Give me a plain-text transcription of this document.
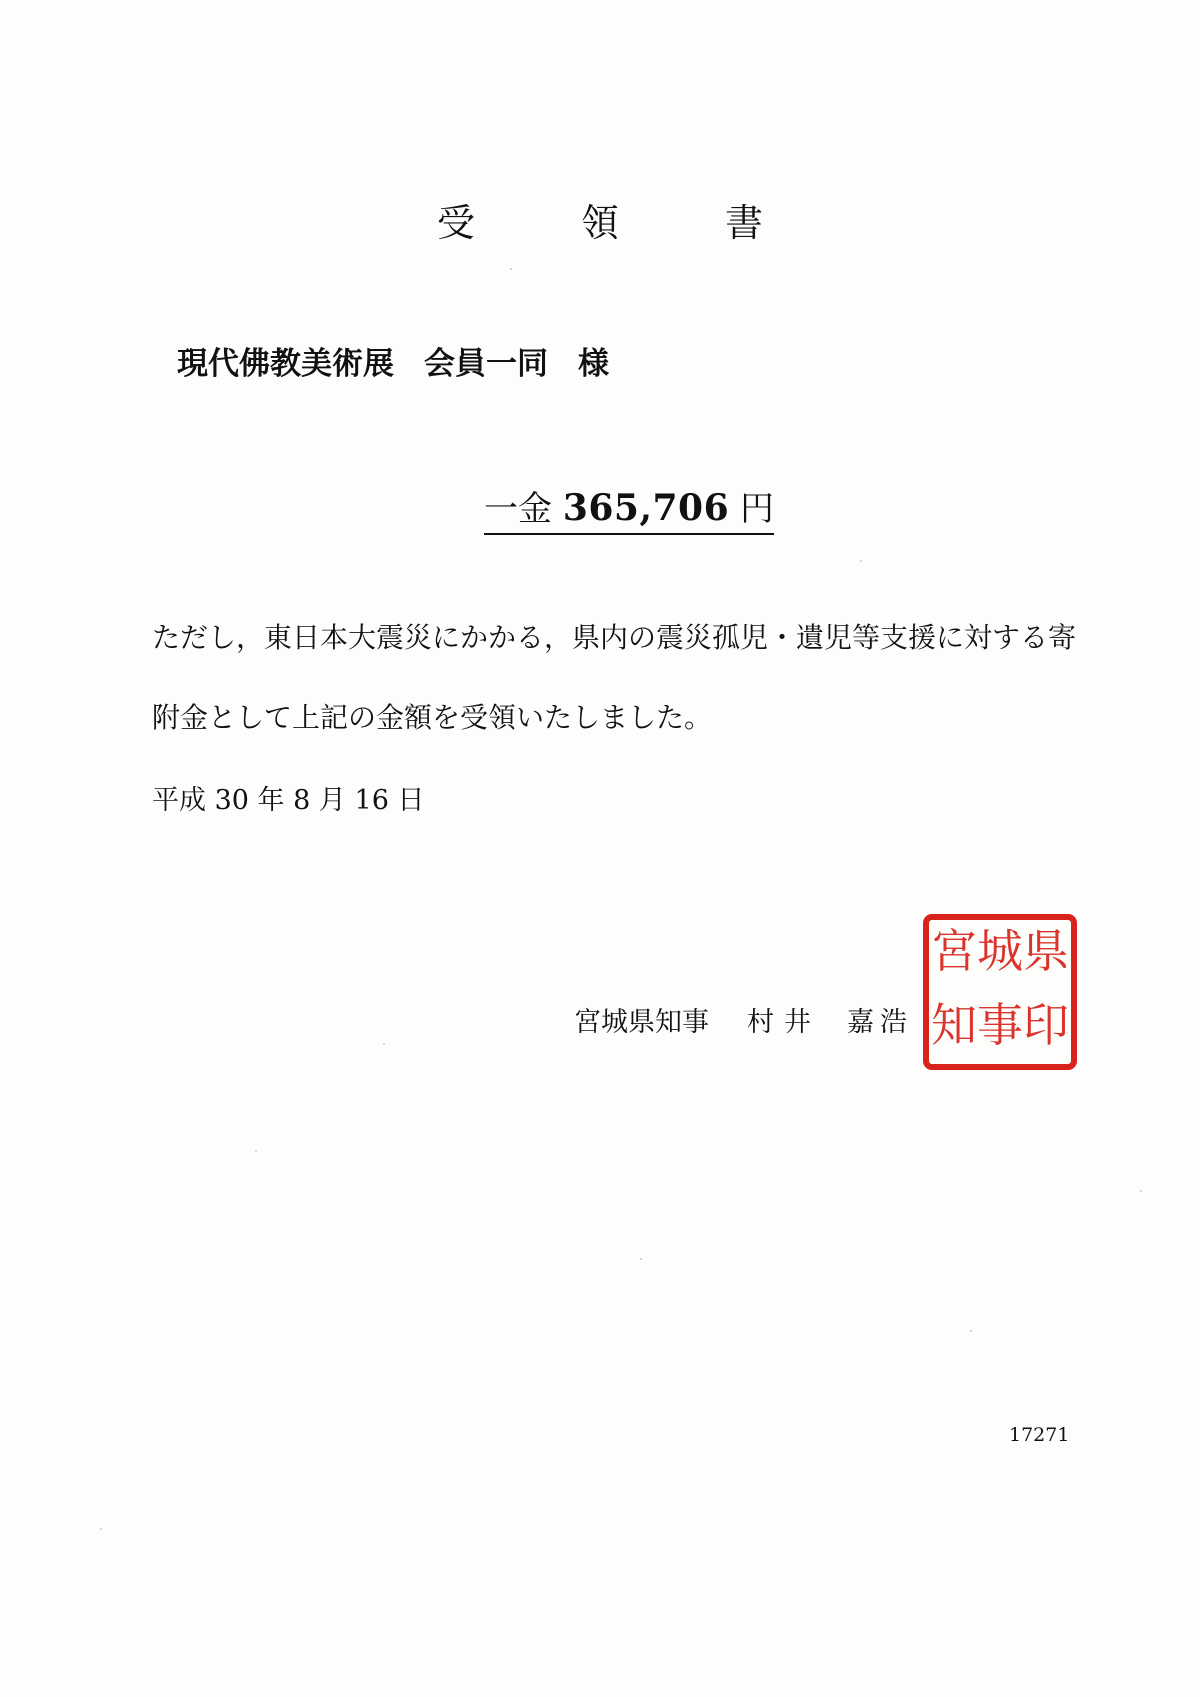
受	領	書
現代佛教美術展 会員一同 様
一金 365,706 円
ただし，東日本大震災にかかる，県内の震災孤児・遺児等支援に対する寄
附金として上記の金額を受領いたしました。
平成 30 年 8 月 16 日
宮城県知事 村 井 嘉 浩
県
印
城
事
宮
知
17271
